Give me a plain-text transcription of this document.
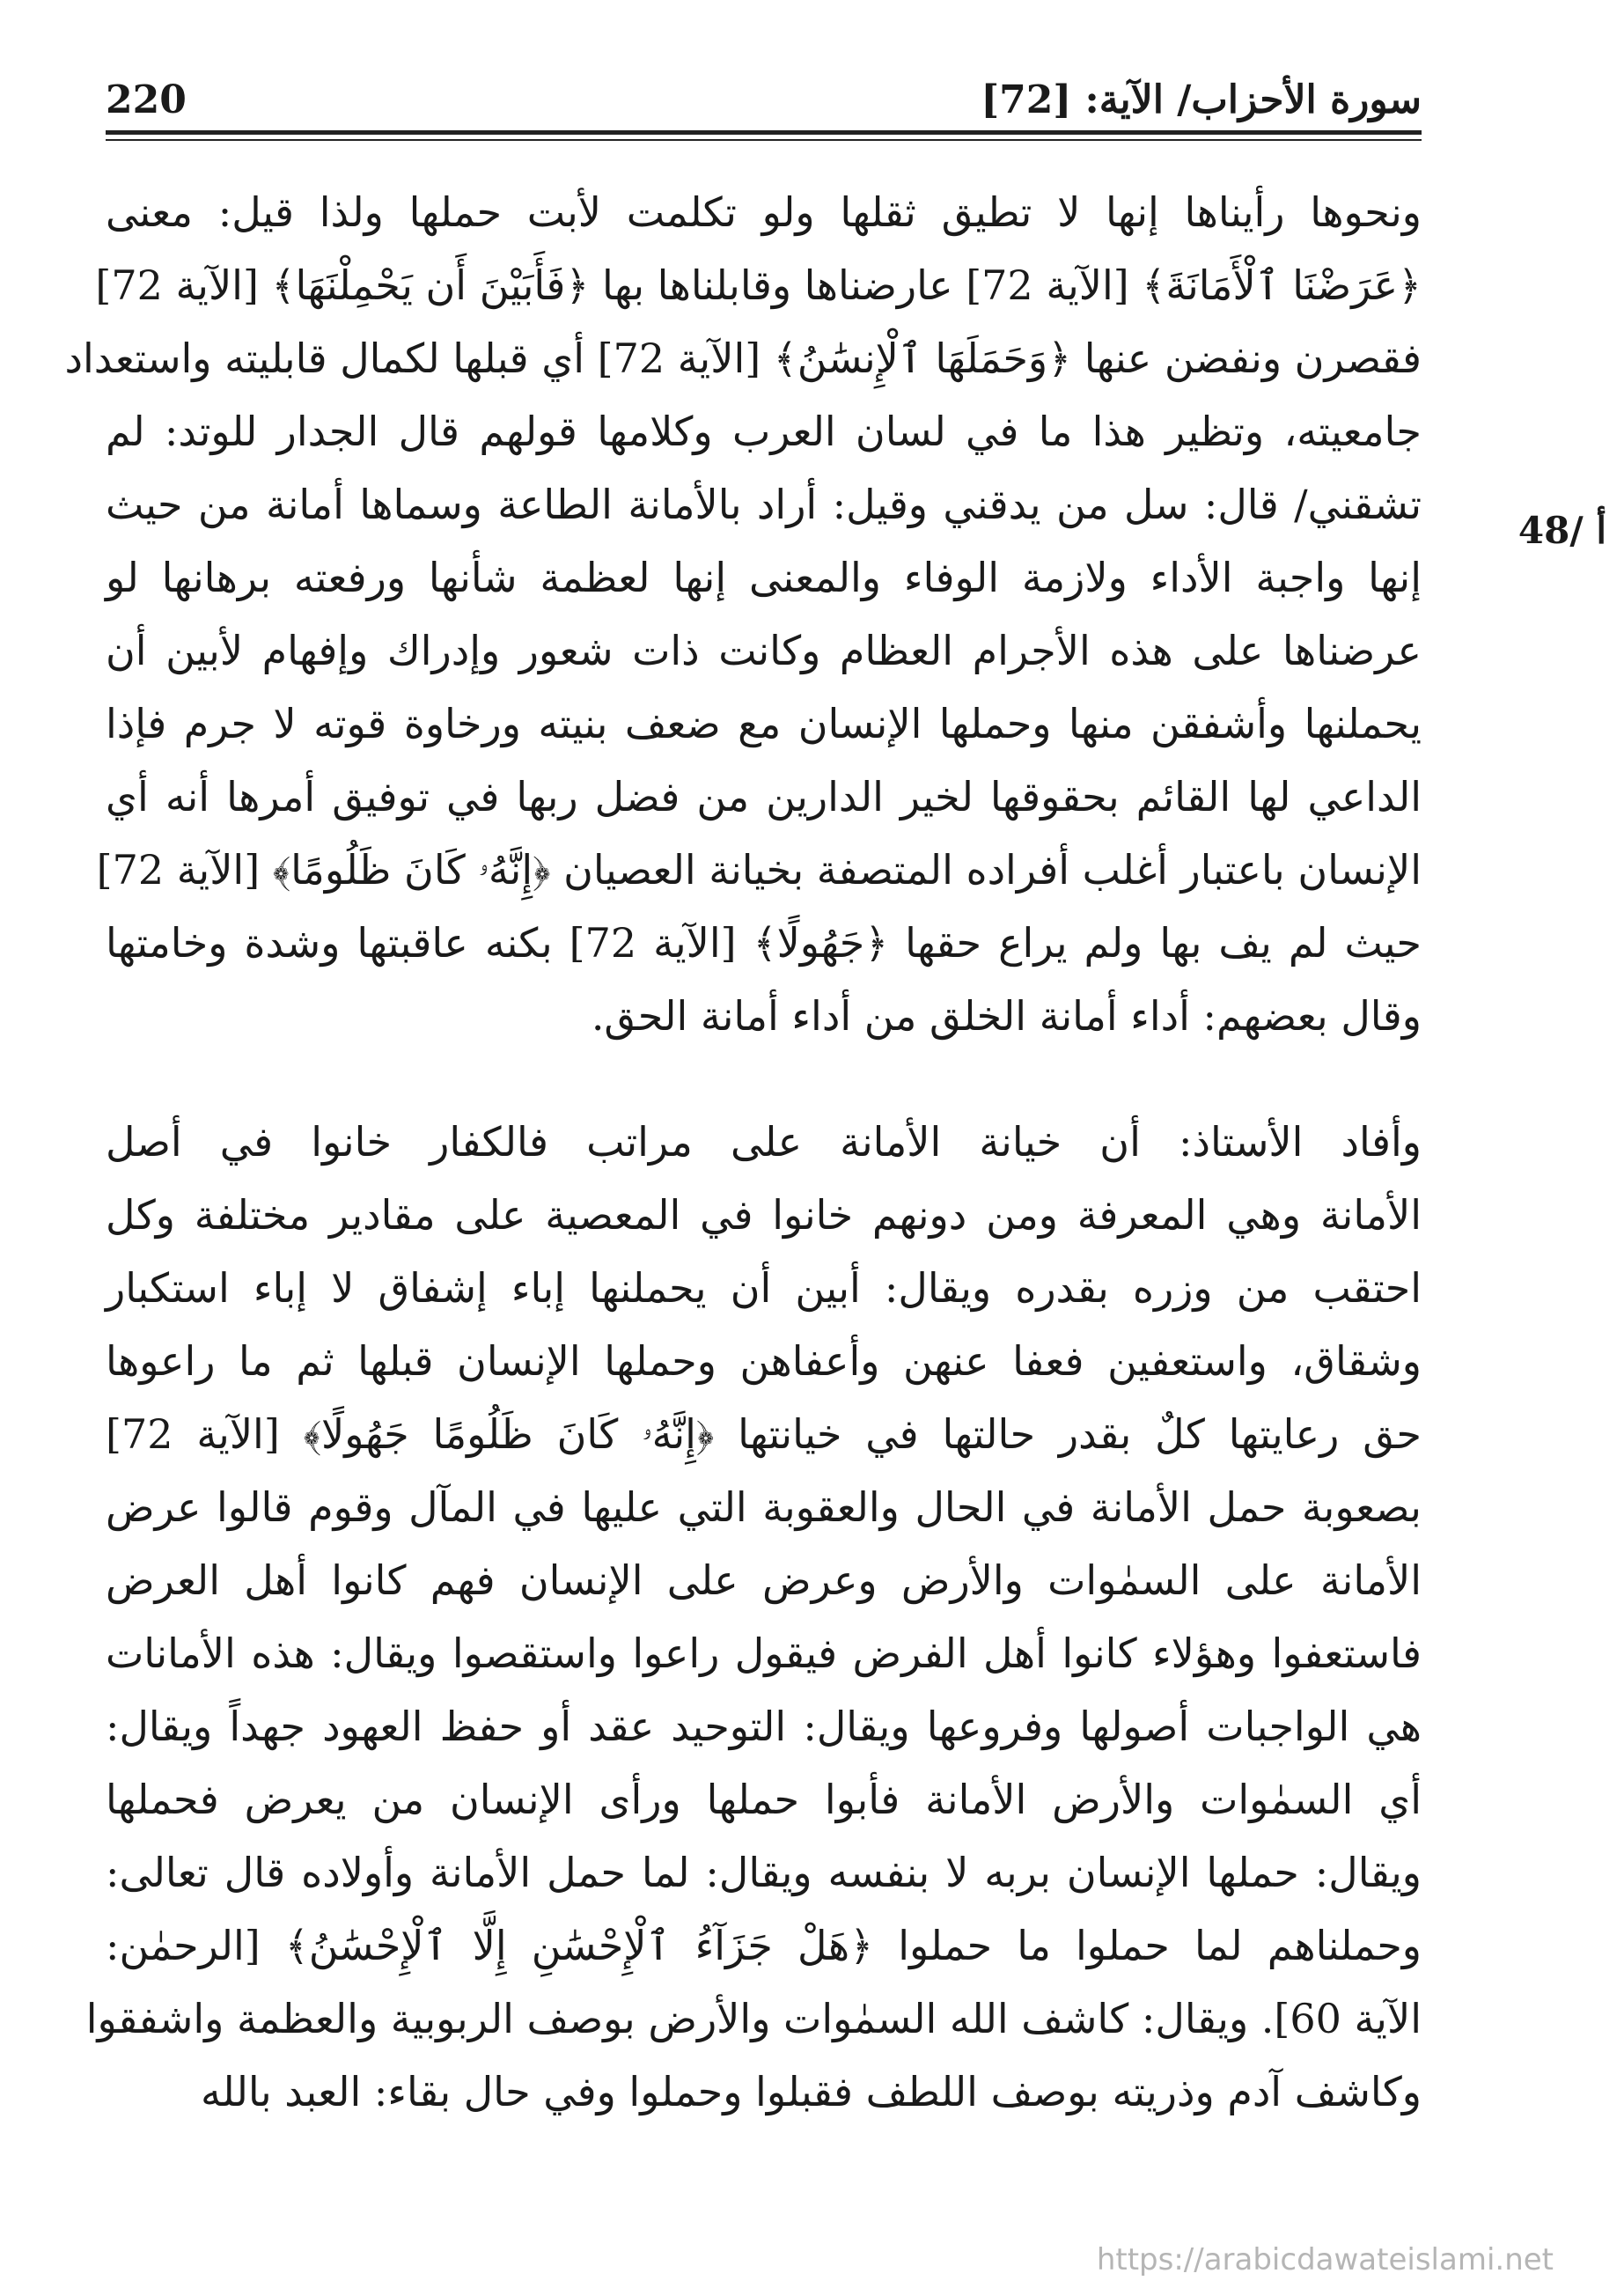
220	سورة الأحزاب/ الآية: [72]
48/ أ
ونحوها رأيناها إنها لا تطيق ثقلها ولو تكلمت لأبت حملها ولذا قيل: معنى
﴿عَرَضْنَا ٱلْأَمَانَةَ﴾ [الآية 72] عارضناها وقابلناها بها ﴿فَأَبَيْنَ أَن يَحْمِلْنَهَا﴾ [الآية 72]
فقصرن ونفضن عنها ﴿وَحَمَلَهَا ٱلْإِنسَٰنُ﴾ [الآية 72] أي قبلها لكمال قابليته واستعداد
جامعيته، وتظير هذا ما في لسان العرب وكلامها قولهم قال الجدار للوتد: لم
تشقني/ قال: سل من يدقني وقيل: أراد بالأمانة الطاعة وسماها أمانة من حيث
إنها واجبة الأداء ولازمة الوفاء والمعنى إنها لعظمة شأنها ورفعته برهانها لو
عرضناها على هذه الأجرام العظام وكانت ذات شعور وإدراك وإفهام لأبين أن
يحملنها وأشفقن منها وحملها الإنسان مع ضعف بنيته ورخاوة قوته لا جرم فإذا
الداعي لها القائم بحقوقها لخير الدارين من فضل ربها في توفيق أمرها أنه أي
الإنسان باعتبار أغلب أفراده المتصفة بخيانة العصيان ﴿إِنَّهُۥ كَانَ ظَلُومًا﴾ [الآية 72]
حيث لم يف بها ولم يراع حقها ﴿جَهُولًا﴾ [الآية 72] بكنه عاقبتها وشدة وخامتها
وقال بعضهم: أداء أمانة الخلق من أداء أمانة الحق.
وأفاد الأستاذ: أن خيانة الأمانة على مراتب فالكفار خانوا في أصل
الأمانة وهي المعرفة ومن دونهم خانوا في المعصية على مقادير مختلفة وكل
احتقب من وزره بقدره ويقال: أبين أن يحملنها إباء إشفاق لا إباء استكبار
وشقاق، واستعفين فعفا عنهن وأعفاهن وحملها الإنسان قبلها ثم ما راعوها
حق رعايتها كلٌ بقدر حالتها في خيانتها ﴿إِنَّهُۥ كَانَ ظَلُومًا جَهُولًا﴾ [الآية 72]
بصعوبة حمل الأمانة في الحال والعقوبة التي عليها في المآل وقوم قالوا عرض
الأمانة على السمٰوات والأرض وعرض على الإنسان فهم كانوا أهل العرض
فاستعفوا وهؤلاء كانوا أهل الفرض فيقول راعوا واستقصوا ويقال: هذه الأمانات
هي الواجبات أصولها وفروعها ويقال: التوحيد عقد أو حفظ العهود جهداً ويقال:
أي السمٰوات والأرض الأمانة فأبوا حملها ورأى الإنسان من يعرض فحملها
ويقال: حملها الإنسان بربه لا بنفسه ويقال: لما حمل الأمانة وأولاده قال تعالى:
وحملناهم لما حملوا ما حملوا ﴿هَلْ جَزَآءُ ٱلْإِحْسَٰنِ إِلَّا ٱلْإِحْسَٰنُ﴾ [الرحمٰن:
الآية 60]. ويقال: كاشف الله السمٰوات والأرض بوصف الربوبية والعظمة واشفقوا
وكاشف آدم وذريته بوصف اللطف فقبلوا وحملوا وفي حال بقاء: العبد بالله
https://arabicdawateislami.net
